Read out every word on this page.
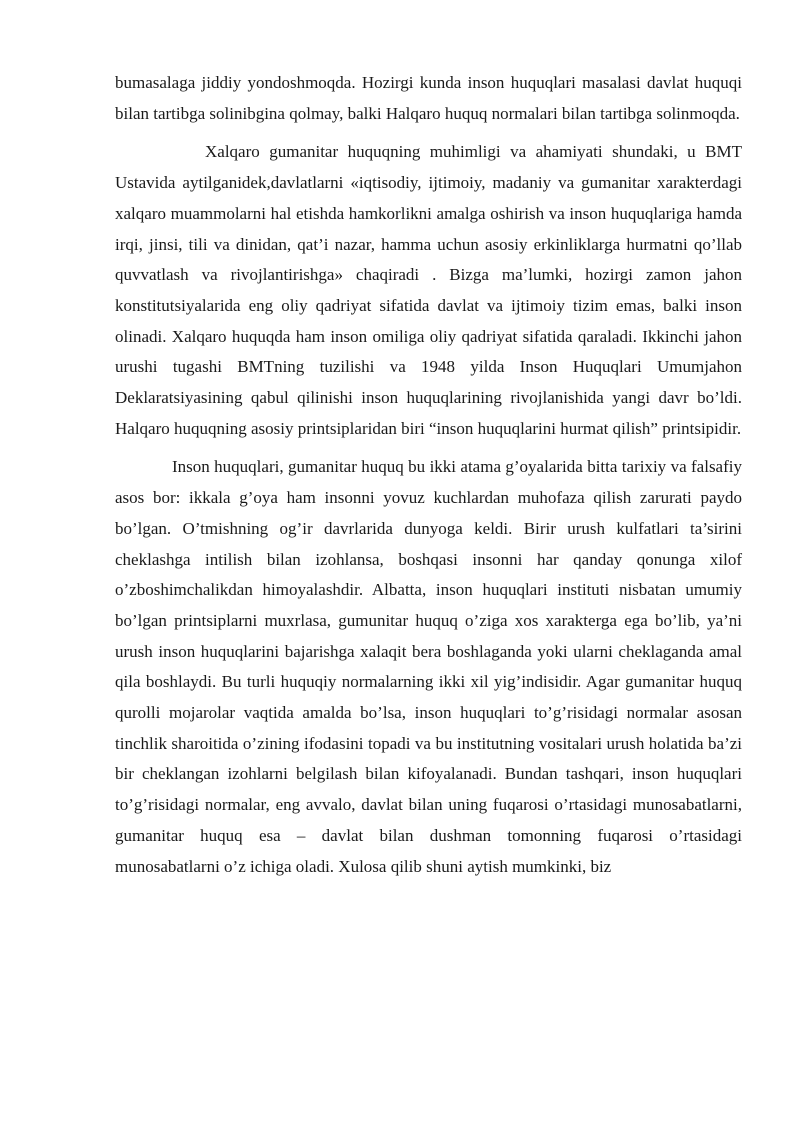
bumasalaga jiddiy yondoshmoqda. Hozirgi kunda inson huquqlari masalasi davlat huquqi bilan tartibga solinibgina qolmay, balki Halqaro huquq normalari bilan tartibga solinmoqda.

Xalqaro gumanitar huquqning muhimligi va ahamiyati shundaki, u BMT Ustavida aytilganidek,davlatlarni «iqtisodiy, ijtimoiy, madaniy va gumanitar xarakterdagi xalqaro muammolarni hal etishda hamkorlikni amalga oshirish va inson huquqlariga hamda irqi, jinsi, tili va dinidan, qat’i nazar, hamma uchun asosiy erkinliklarga hurmatni qo’llab quvvatlash va rivojlantirishga» chaqiradi . Bizga ma’lumki, hozirgi zamon jahon konstitutsiyalarida eng oliy qadriyat sifatida davlat va ijtimoiy tizim emas, balki inson olinadi. Xalqaro huquqda ham inson omiliga oliy qadriyat sifatida qaraladi. Ikkinchi jahon urushi tugashi BMTning tuzilishi va 1948 yilda Inson Huquqlari Umumjahon Deklaratsiyasining qabul qilinishi inson huquqlarining rivojlanishida yangi davr bo’ldi. Halqaro huquqning asosiy printsiplaridan biri “inson huquqlarini hurmat qilish” printsipidir.

Inson huquqlari, gumanitar huquq bu ikki atama g’oyalarida bitta tarixiy va falsafiy asos bor: ikkala g’oya ham insonni yovuz kuchlardan muhofaza qilish zarurati paydo bo’lgan. O’tmishning og’ir davrlarida dunyoga keldi. Birir urush kulfatlari ta’sirini cheklashga intilish bilan izohlansa, boshqasi insonni har qanday qonunga xilof o’zboshimchalikdan himoyalashdir. Albatta, inson huquqlari instituti nisbatan umumiy bo’lgan printsiplarni muxrlasa, gumunitar huquq o’ziga xos xarakterga ega bo’lib, ya’ni urush inson huquqlarini bajarishga xalaqit bera boshlaganda yoki ularni cheklaganda amal qila boshlaydi. Bu turli huquqiy normalarning ikki xil yig’indisidir. Agar gumanitar huquq qurolli mojarolar vaqtida amalda bo’lsa, inson huquqlari to’g’risidagi normalar asosan tinchlik sharoitida o’zining ifodasini topadi va bu institutning vositalari urush holatida ba’zi bir cheklangan izohlarni belgilash bilan kifoyalanadi. Bundan tashqari, inson huquqlari to’g’risidagi normalar, eng avvalo, davlat bilan uning fuqarosi o’rtasidagi munosabatlarni, gumanitar huquq esa – davlat bilan dushman tomonning fuqarosi o’rtasidagi munosabatlarni o’z ichiga oladi. Xulosa qilib shuni aytish mumkinki, biz
